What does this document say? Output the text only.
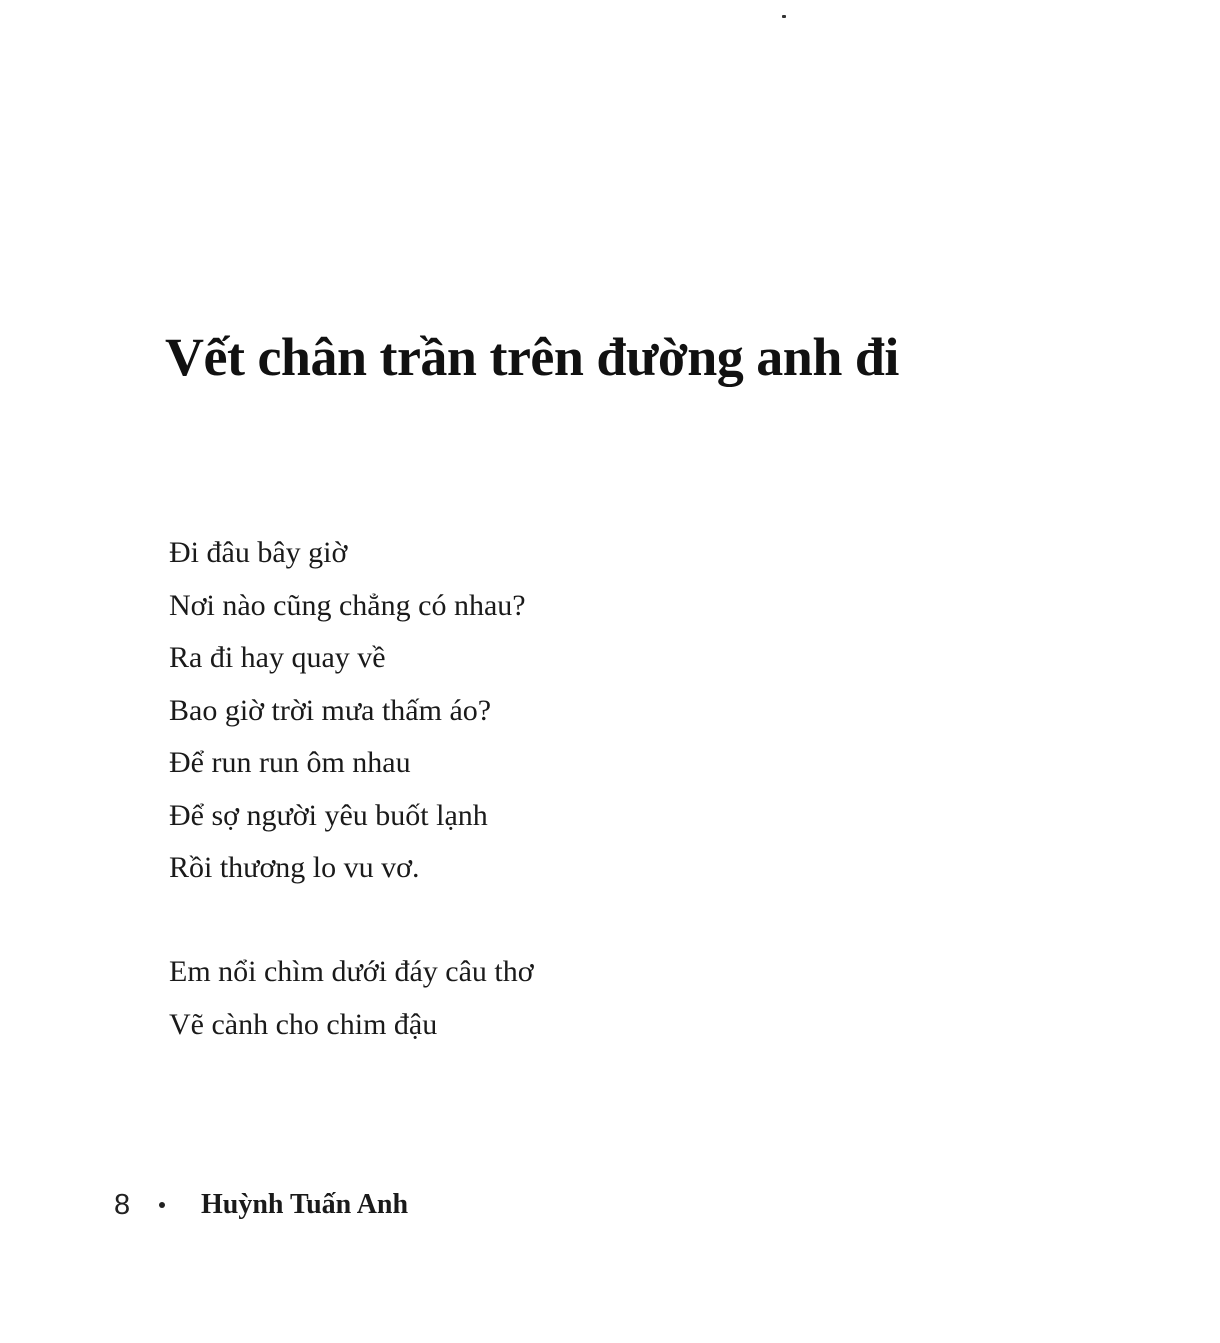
Vết chân trần trên đường anh đi
Đi đâu bây giờ
Nơi nào cũng chẳng có nhau?
Ra đi hay quay về
Bao giờ trời mưa thấm áo?
Để run run ôm nhau
Để sợ người yêu buốt lạnh
Rồi thương lo vu vơ.
Em nổi chìm dưới đáy câu thơ
Vẽ cành cho chim đậu
8	Huỳnh Tuấn Anh
